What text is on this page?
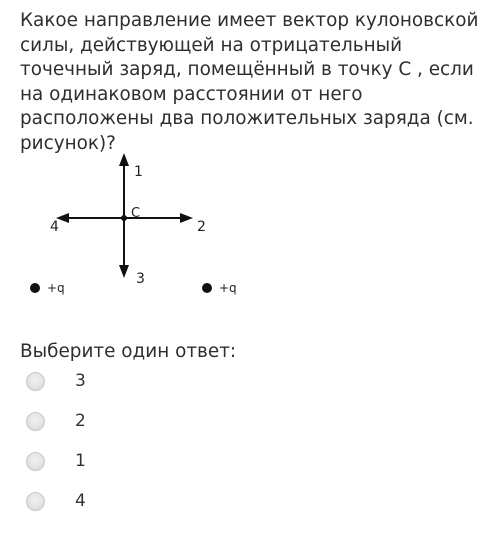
Какое направление имеет вектор кулоновской силы, действующей на отрицательный точечный заряд, помещённый в точку С , если на одинаковом расстоянии от него расположены два положительных заряда (см. рисунок)?

C
1
2
3
4
+q	+q
Выберите один ответ:
3
2
1
4
